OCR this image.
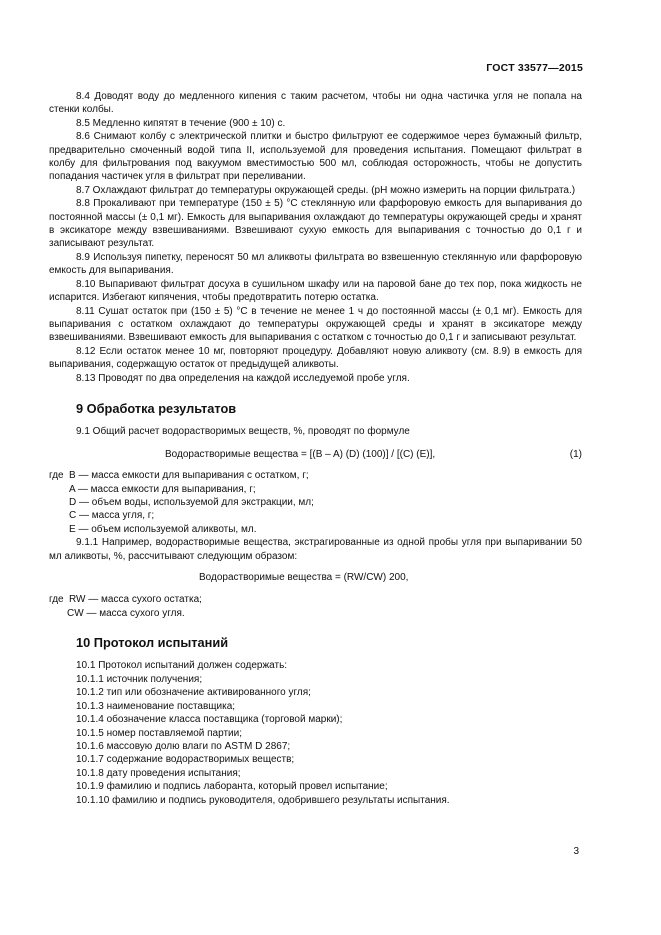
ГОСТ 33577—2015

8.4 Доводят воду до медленного кипения с таким расчетом, чтобы ни одна частичка угля не попала на стенки колбы.

8.5 Медленно кипятят в течение (900 ± 10) с.

8.6 Снимают колбу с электрической плитки и быстро фильтруют ее содержимое через бумажный фильтр, предварительно смоченный водой типа II, используемой для проведения испытания. Помещают фильтрат в колбу для фильтрования под вакуумом вместимостью 500 мл, соблюдая осторожность, чтобы не допустить попадания частичек угля в фильтрат при переливании.

8.7 Охлаждают фильтрат до температуры окружающей среды. (pH можно измерить на порции фильтрата.)

8.8 Прокаливают при температуре (150 ± 5) °С стеклянную или фарфоровую емкость для выпаривания до постоянной массы (± 0,1 мг). Емкость для выпаривания охлаждают до температуры окружающей среды и хранят в эксикаторе между взвешиваниями. Взвешивают сухую емкость для выпаривания с точностью до 0,1 г и записывают результат.

8.9 Используя пипетку, переносят 50 мл аликвоты фильтрата во взвешенную стеклянную или фарфоровую емкость для выпаривания.

8.10 Выпаривают фильтрат досуха в сушильном шкафу или на паровой бане до тех пор, пока жидкость не испарится. Избегают кипячения, чтобы предотвратить потерю остатка.

8.11 Сушат остаток при (150 ± 5) °С в течение не менее 1 ч до постоянной массы (± 0,1 мг). Емкость для выпаривания с остатком охлаждают до температуры окружающей среды и хранят в эксикаторе между взвешиваниями. Взвешивают емкость для выпаривания с остатком с точностью до 0,1 г и записывают результат.

8.12 Если остаток менее 10 мг, повторяют процедуру. Добавляют новую аликвоту (см. 8.9) в емкость для выпаривания, содержащую остаток от предыдущей аликвоты.

8.13 Проводят по два определения на каждой исследуемой пробе угля.

9 Обработка результатов

9.1 Общий расчет водорастворимых веществ, %, проводят по формуле

Водорастворимые вещества = [(B – A) (D) (100)] / [(C) (E)],	(1)
где B — масса емкости для выпаривания с остатком, г;
A — масса емкости для выпаривания, г;
D — объем воды, используемой для экстракции, мл;
C — масса угля, г;
E — объем используемой аликвоты, мл.

9.1.1 Например, водорастворимые вещества, экстрагированные из одной пробы угля при выпаривании 50 мл аликвоты, %, рассчитывают следующим образом:

Водорастворимые вещества = (RW/CW) 200,
где RW — масса сухого остатка;
CW — масса сухого угля.
10 Протокол испытаний

10.1 Протокол испытаний должен содержать:

10.1.1 источник получения;

10.1.2 тип или обозначение активированного угля;

10.1.3 наименование поставщика;

10.1.4 обозначение класса поставщика (торговой марки);

10.1.5 номер поставляемой партии;

10.1.6 массовую долю влаги по ASTM D 2867;

10.1.7 содержание водорастворимых веществ;

10.1.8 дату проведения испытания;

10.1.9 фамилию и подпись лаборанта, который провел испытание;

10.1.10 фамилию и подпись руководителя, одобрившего результаты испытания.

3
